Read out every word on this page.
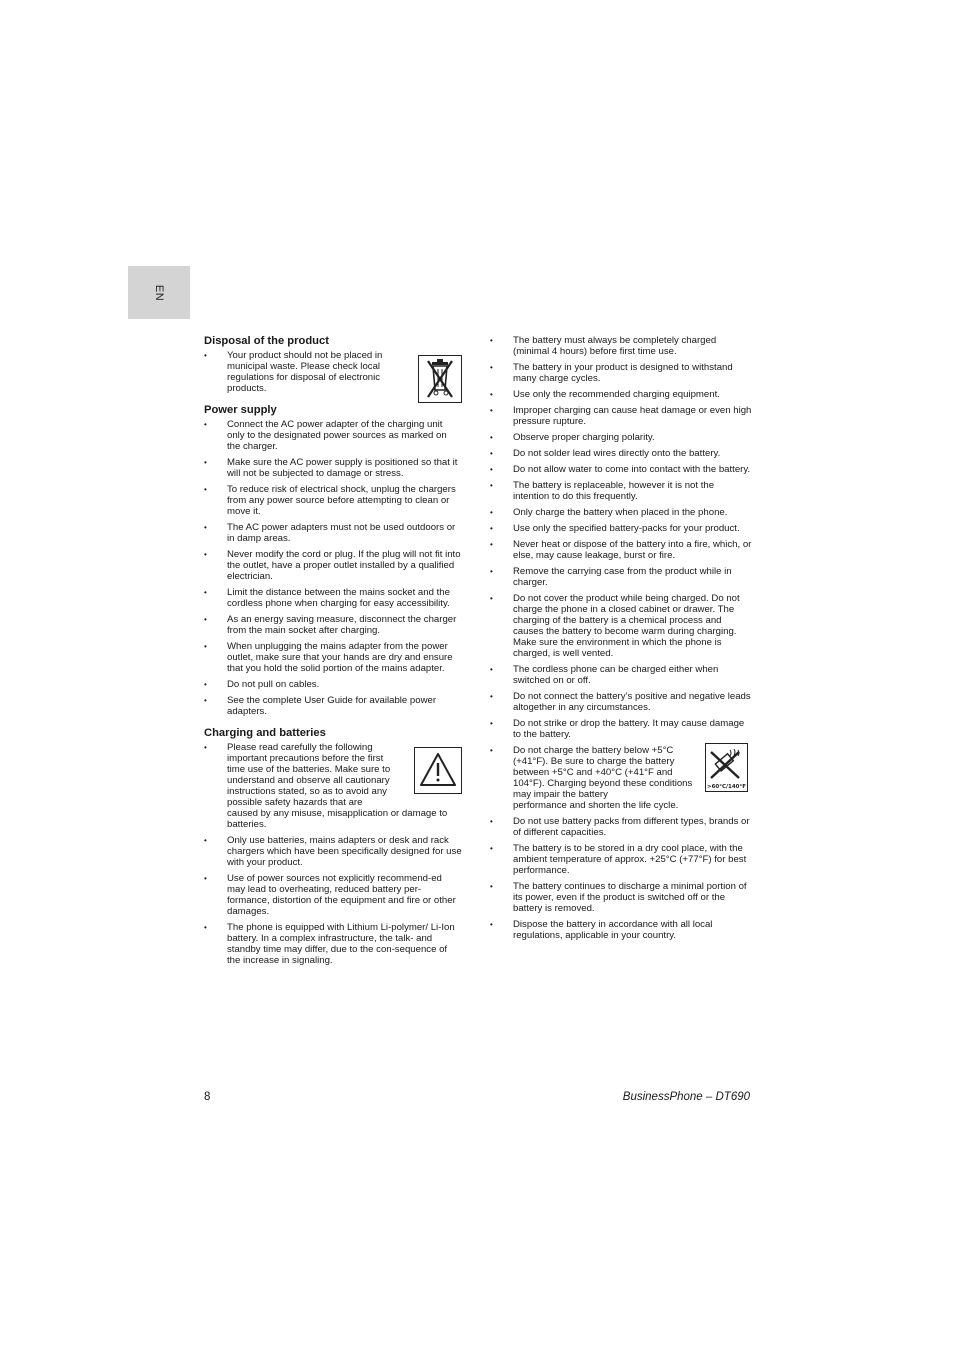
EN
Disposal of the product
• Your product should not be placed in municipal waste. Please check local regulations for disposal of electronic products.
Power supply
• Connect the AC power adapter of the charging unit only to the designated power sources as marked on the charger.
• Make sure the AC power supply is positioned so that it will not be subjected to damage or stress.
• To reduce risk of electrical shock, unplug the chargers from any power source before attempting to clean or move it.
• The AC power adapters must not be used outdoors or in damp areas.
• Never modify the cord or plug. If the plug will not fit into the outlet, have a proper outlet installed by a qualified electrician.
• Limit the distance between the mains socket and the cordless phone when charging for easy accessibility.
• As an energy saving measure, disconnect the charger from the main socket after charging.
• When unplugging the mains adapter from the power outlet, make sure that your hands are dry and ensure that you hold the solid portion of the mains adapter.
• Do not pull on cables.
• See the complete User Guide for available power adapters.
Charging and batteries
• Please read carefully the following important precautions before the first time use of the batteries. Make sure to understand and observe all cautionary instructions stated, so as to avoid any possible safety hazards that are
caused by any misuse, misapplication or damage to batteries.
• Only use batteries, mains adapters or desk and rack chargers which have been specifically designed for use with your product.
• Use of power sources not explicitly recommend-ed may lead to overheating, reduced battery per-formance, distortion of the equipment and fire or other damages.
• The phone is equipped with Lithium Li-polymer/ Li-Ion battery. In a complex infrastructure, the talk- and standby time may differ, due to the con-sequence of the increase in signaling.
• The battery must always be completely charged (minimal 4 hours) before first time use.
• The battery in your product is designed to withstand many charge cycles.
• Use only the recommended charging equipment.
• Improper charging can cause heat damage or even high pressure rupture.
• Observe proper charging polarity.
• Do not solder lead wires directly onto the battery.
• Do not allow water to come into contact with the battery.
• The battery is replaceable, however it is not the intention to do this frequently.
• Only charge the battery when placed in the phone.
• Use only the specified battery-packs for your product.
• Never heat or dispose of the battery into a fire, which, or else, may cause leakage, burst or fire.
• Remove the carrying case from the product while in charger.
• Do not cover the product while being charged. Do not charge the phone in a closed cabinet or drawer. The charging of the battery is a chemical process and causes the battery to become warm during charging. Make sure the environment in which the phone is charged, is well vented.
• The cordless phone can be charged either when switched on or off.
• Do not connect the battery’s positive and negative leads altogether in any circumstances.
• Do not strike or drop the battery. It may cause damage to the battery.
• Do not charge the battery below +5°C (+41°F). Be sure to charge the battery between +5°C and +40°C (+41°F and 104°F). Charging beyond these conditions may impair the battery
performance and shorten the life cycle.
>60°C/140°F
• Do not use battery packs from different types, brands or of different capacities.
• The battery is to be stored in a dry cool place, with the ambient temperature of approx. +25°C (+77°F) for best performance.
• The battery continues to discharge a minimal portion of its power, even if the product is switched off or the battery is removed.
• Dispose the battery in accordance with all local regulations, applicable in your country.
8	BusinessPhone – DT690
